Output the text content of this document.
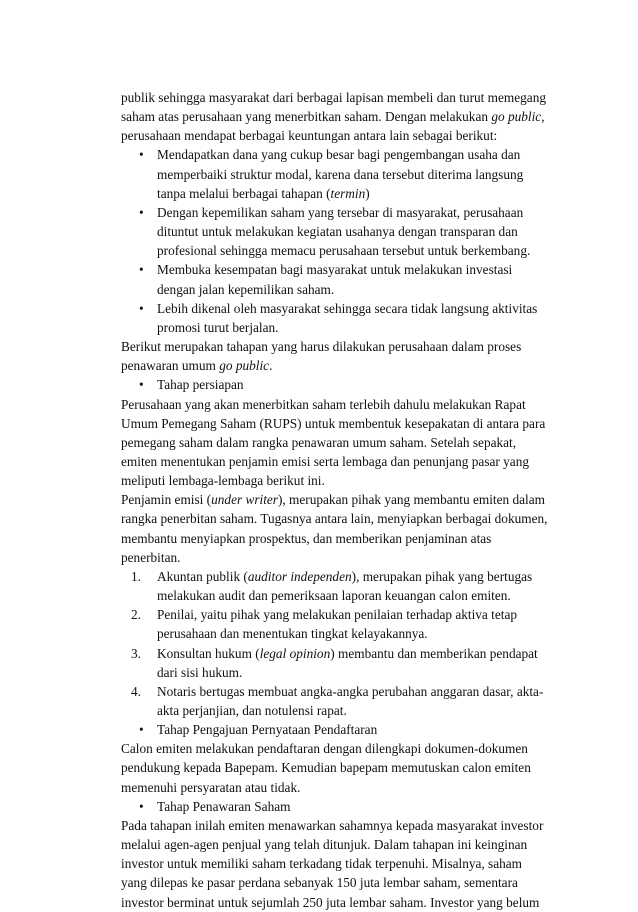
publik sehingga masyarakat dari berbagai lapisan membeli dan turut memegang saham atas perusahaan yang menerbitkan saham. Dengan melakukan go public, perusahaan mendapat berbagai keuntungan antara lain sebagai berikut:

• Mendapatkan dana yang cukup besar bagi pengembangan usaha dan memperbaiki struktur modal, karena dana tersebut diterima langsung tanpa melalui berbagai tahapan (termin)
• Dengan kepemilikan saham yang tersebar di masyarakat, perusahaan dituntut untuk melakukan kegiatan usahanya dengan transparan dan profesional sehingga memacu perusahaan tersebut untuk berkembang.
• Membuka kesempatan bagi masyarakat untuk melakukan investasi dengan jalan kepemilikan saham.
• Lebih dikenal oleh masyarakat sehingga secara tidak langsung aktivitas promosi turut berjalan.

Berikut merupakan tahapan yang harus dilakukan perusahaan dalam proses penawaran umum go public.

• Tahap persiapan

Perusahaan yang akan menerbitkan saham terlebih dahulu melakukan Rapat Umum Pemegang Saham (RUPS) untuk membentuk kesepakatan di antara para pemegang saham dalam rangka penawaran umum saham. Setelah sepakat, emiten menentukan penjamin emisi serta lembaga dan penunjang pasar yang meliputi lembaga-lembaga berikut ini.

Penjamin emisi (under writer), merupakan pihak yang membantu emiten dalam rangka penerbitan saham. Tugasnya antara lain, menyiapkan berbagai dokumen, membantu menyiapkan prospektus, dan memberikan penjaminan atas penerbitan.

1. Akuntan publik (auditor independen), merupakan pihak yang bertugas melakukan audit dan pemeriksaan laporan keuangan calon emiten.
2. Penilai, yaitu pihak yang melakukan penilaian terhadap aktiva tetap perusahaan dan menentukan tingkat kelayakannya.
3. Konsultan hukum (legal opinion) membantu dan memberikan pendapat dari sisi hukum.
4. Notaris bertugas membuat angka-angka perubahan anggaran dasar, akta-akta perjanjian, dan notulensi rapat.
• Tahap Pengajuan Pernyataan Pendaftaran

Calon emiten melakukan pendaftaran dengan dilengkapi dokumen-dokumen pendukung kepada Bapepam. Kemudian bapepam memutuskan calon emiten memenuhi persyaratan atau tidak.

• Tahap Penawaran Saham

Pada tahapan inilah emiten menawarkan sahamnya kepada masyarakat investor melalui agen-agen penjual yang telah ditunjuk. Dalam tahapan ini keinginan investor untuk memiliki saham terkadang tidak terpenuhi. Misalnya, saham yang dilepas ke pasar perdana sebanyak 150 juta lembar saham, sementara investor berminat untuk sejumlah 250 juta lembar saham. Investor yang belum
